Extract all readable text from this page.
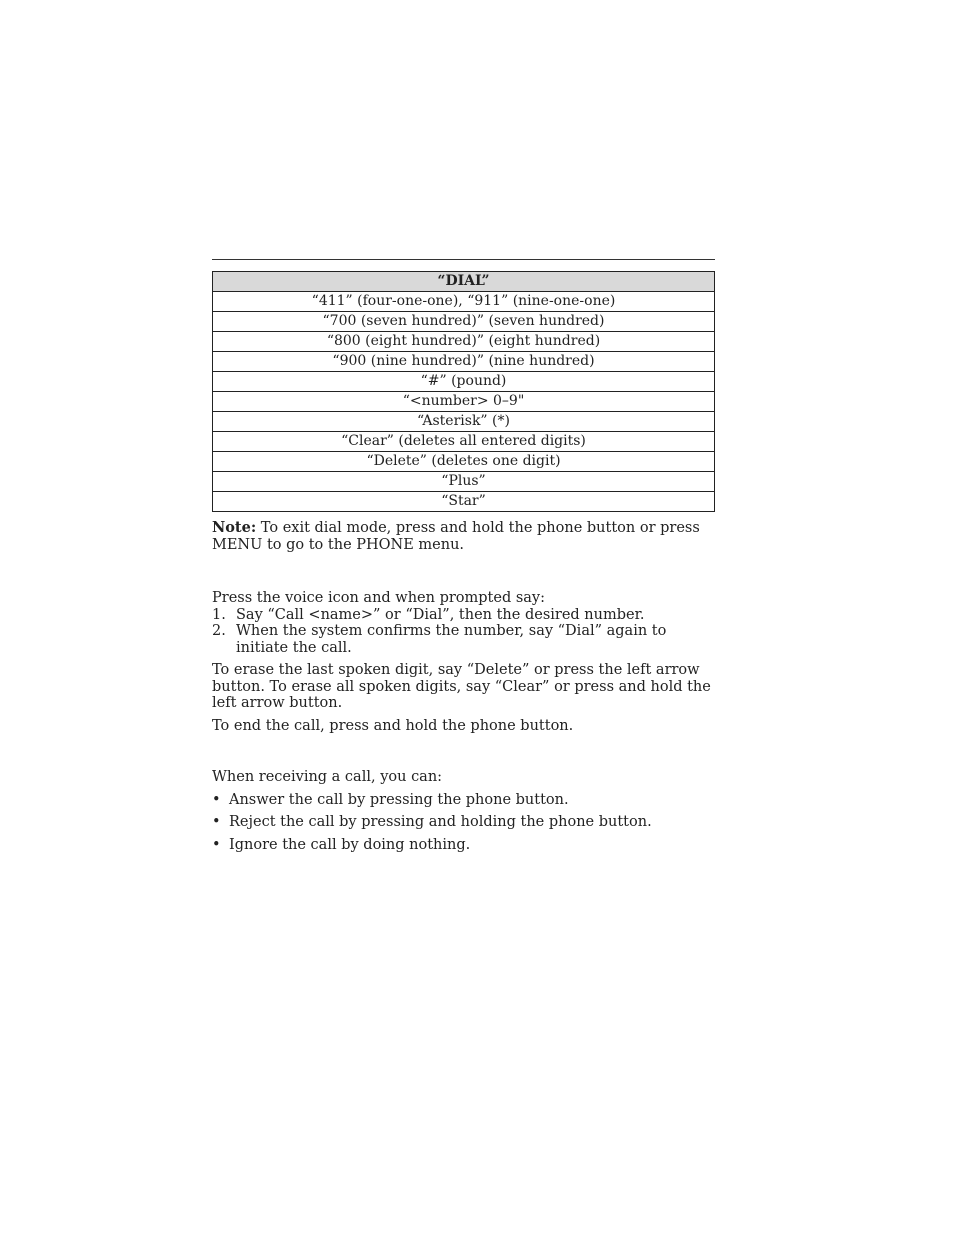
“DIAL”
“411” (four-one-one), “911” (nine-one-one)
“700 (seven hundred)” (seven hundred)
“800 (eight hundred)” (eight hundred)
“900 (nine hundred)” (nine hundred)
“#” (pound)
“<number> 0–9"
“Asterisk” (*)
“Clear” (deletes all entered digits)
“Delete” (deletes one digit)
“Plus”
“Star”
Note: To exit dial mode, press and hold the phone button or press MENU to go to the PHONE menu.

Press the voice icon and when prompted say:

1. Say “Call <name>” or “Dial”, then the desired number.
2. When the system confirms the number, say “Dial” again to initiate the call.

To erase the last spoken digit, say “Delete” or press the left arrow button. To erase all spoken digits, say “Clear” or press and hold the left arrow button.

To end the call, press and hold the phone button.

When receiving a call, you can:

• Answer the call by pressing the phone button.
• Reject the call by pressing and holding the phone button.
• Ignore the call by doing nothing.
